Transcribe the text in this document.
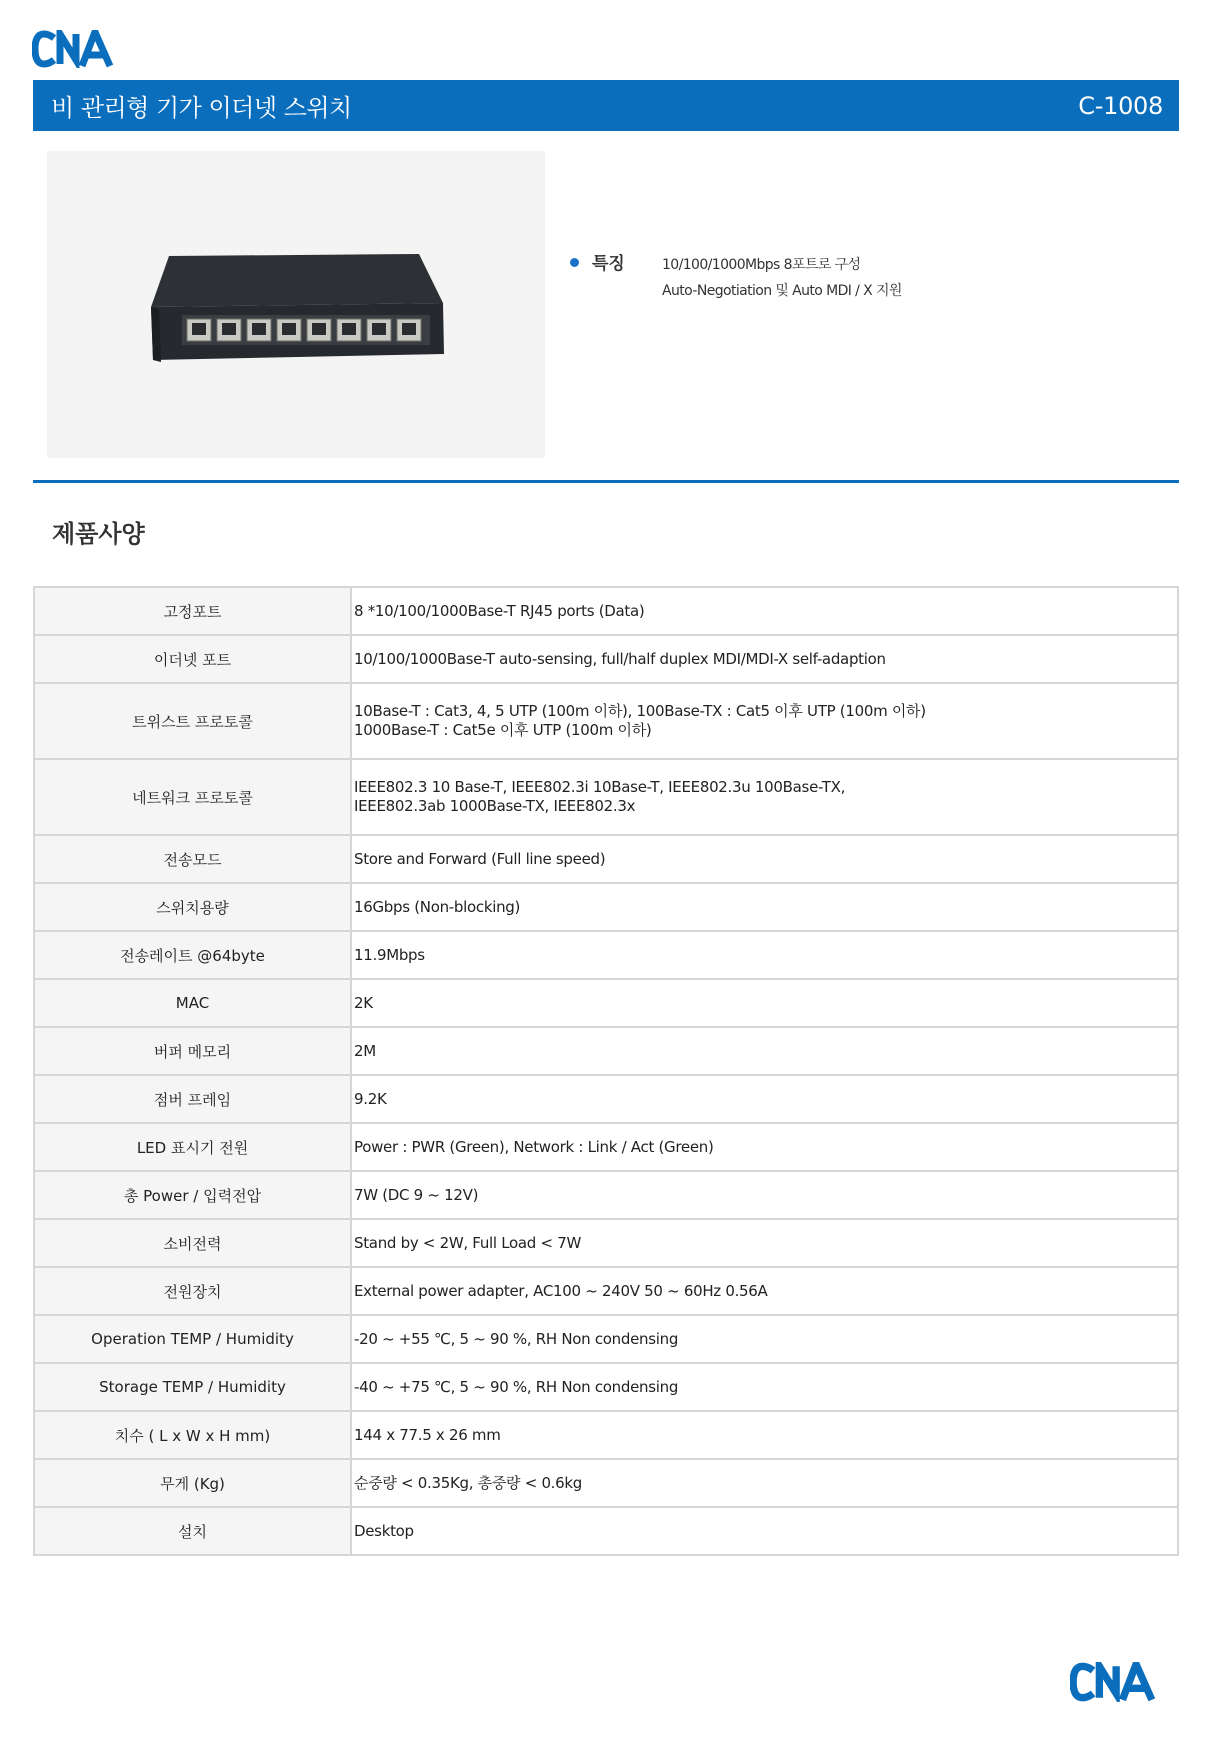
비 관리형 기가 이더넷 스위치	C-1008
특징	10/100/1000Mbps 8포트로 구성
Auto-Negotiation 및 Auto MDI / X 지원
제품사양
고정포트	8 *10/100/1000Base-T RJ45 ports (Data)
이더넷 포트	10/100/1000Base-T auto-sensing, full/half duplex MDI/MDI-X self-adaption
트위스트 프로토콜	10Base-T : Cat3, 4, 5 UTP (100m 이하), 100Base-TX : Cat5 이후 UTP (100m 이하)
1000Base-T : Cat5e 이후 UTP (100m 이하)
네트워크 프로토콜	IEEE802.3 10 Base-T, IEEE802.3i 10Base-T, IEEE802.3u 100Base-TX,
IEEE802.3ab 1000Base-TX, IEEE802.3x
전송모드	Store and Forward (Full line speed)
스위치용량	16Gbps (Non-blocking)
전송레이트 @64byte	11.9Mbps
MAC	2K
버퍼 메모리	2M
점버 프레임	9.2K
LED 표시기 전원	Power : PWR (Green), Network : Link / Act (Green)
총 Power / 입력전압	7W (DC 9 ~ 12V)
소비전력	Stand by < 2W, Full Load < 7W
전원장치	External power adapter, AC100 ~ 240V 50 ~ 60Hz 0.56A
Operation TEMP / Humidity	-20 ~ +55 ℃, 5 ~ 90 %, RH Non condensing
Storage TEMP / Humidity	-40 ~ +75 ℃, 5 ~ 90 %, RH Non condensing
치수 ( L x W x H mm)	144 x 77.5 x 26 mm
무게 (Kg)	순중량 < 0.35Kg, 총중량 < 0.6kg
설치	Desktop
